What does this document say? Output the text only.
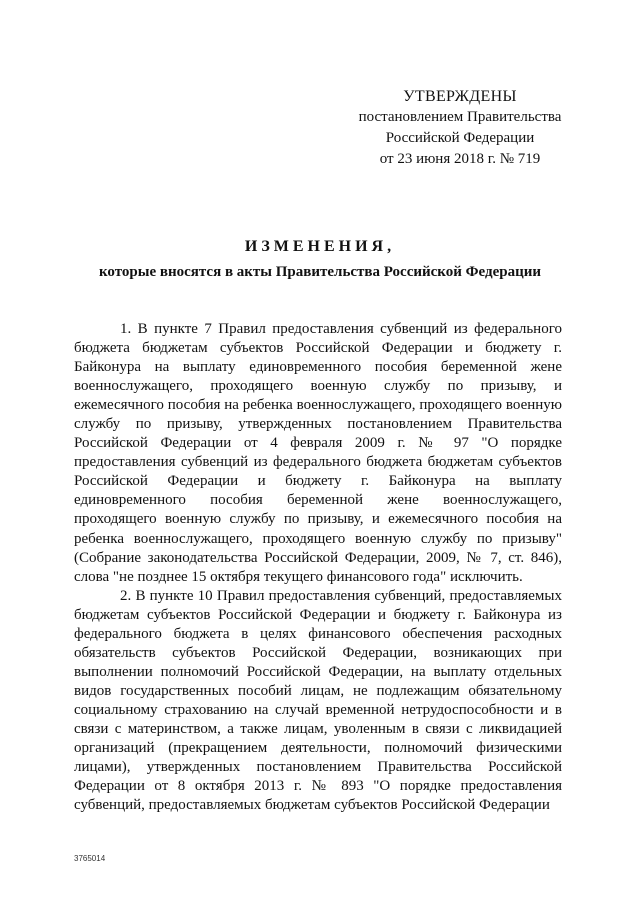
УТВЕРЖДЕНЫ
постановлением Правительства
Российской Федерации
от 23 июня 2018 г. № 719
ИЗМЕНЕНИЯ,
которые вносятся в акты Правительства Российской Федерации

1. В пункте 7 Правил предоставления субвенций из федерального бюджета бюджетам субъектов Российской Федерации и бюджету г. Байконура на выплату единовременного пособия беременной жене военнослужащего, проходящего военную службу по призыву, и ежемесячного пособия на ребенка военнослужащего, проходящего военную службу по призыву, утвержденных постановлением Правительства Российской Федерации от 4 февраля 2009 г. № 97 "О порядке предоставления субвенций из федерального бюджета бюджетам субъектов Российской Федерации и бюджету г. Байконура на выплату единовременного пособия беременной жене военнослужащего, проходящего военную службу по призыву, и ежемесячного пособия на ребенка военнослужащего, проходящего военную службу по призыву" (Собрание законодательства Российской Федерации, 2009, № 7, ст. 846), слова "не позднее 15 октября текущего финансового года" исключить.

2. В пункте 10 Правил предоставления субвенций, предоставляемых бюджетам субъектов Российской Федерации и бюджету г. Байконура из федерального бюджета в целях финансового обеспечения расходных обязательств субъектов Российской Федерации, возникающих при выполнении полномочий Российской Федерации, на выплату отдельных видов государственных пособий лицам, не подлежащим обязательному социальному страхованию на случай временной нетрудоспособности и в связи с материнством, а также лицам, уволенным в связи с ликвидацией организаций (прекращением деятельности, полномочий физическими лицами), утвержденных постановлением Правительства Российской Федерации от 8 октября 2013 г. № 893 "О порядке предоставления субвенций, предоставляемых бюджетам субъектов Российской Федерации

3765014
